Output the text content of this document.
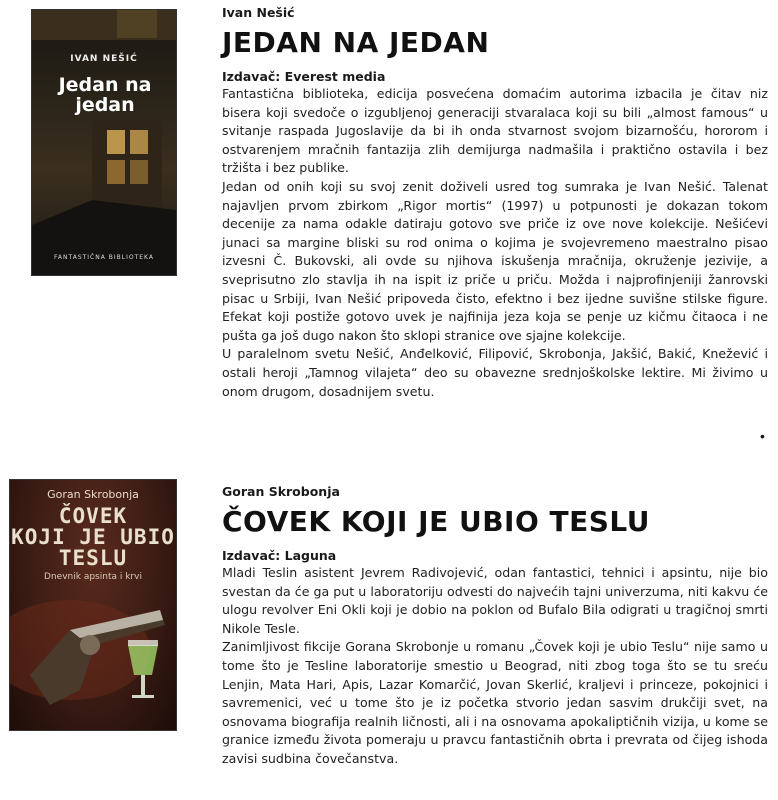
IVAN NEŠIĆ
Jedan na jedan
FANTASTIČNA BIBLIOTEKA

Ivan Nešić

JEDAN NA JEDAN

Izdavač: Everest media

Fantastična biblioteka, edicija posvećena domaćim autorima izbacila je čitav niz bisera koji svedoče o izgubljenoj generaciji stvaralaca koji su bili „almost famous“ u svitanje raspada Jugoslavije da bi ih onda stvarnost svojom bizarnošću, hororom i ostvarenjem mračnih fantazija zlih demijurga nadmašila i praktično ostavila i bez tržišta i bez publike.

Jedan od onih koji su svoj zenit doživeli usred tog sumraka je Ivan Nešić. Talenat najavljen prvom zbirkom „Rigor mortis“ (1997) u potpunosti je dokazan tokom decenije za nama odakle datiraju gotovo sve priče iz ove nove kolekcije. Nešićevi junaci sa margine bliski su rod onima o kojima je svojevremeno maestralno pisao izvesni Č. Bukovski, ali ovde su njihova iskušenja mračnija, okruženje jezivije, a sveprisutno zlo stavlja ih na ispit iz priče u priču. Možda i najprofinjeniji žanrovski pisac u Srbiji, Ivan Nešić pripoveda čisto, efektno i bez ijedne suvišne stilske figure. Efekat koji postiže gotovo uvek je najfinija jeza koja se penje uz kičmu čitaoca i ne pušta ga još dugo nakon što sklopi stranice ove sjajne kolekcije.

U paralelnom svetu Nešić, Anđelković, Filipović, Skrobonja, Jakšić, Bakić, Knežević i ostali heroji „Tamnog vilajeta“ deo su obavezne srednjoškolske lektire. Mi živimo u onom drugom, dosadnijem svetu.

•
Goran Skrobonja
ČOVEK
KOJI JE UBIO
TESLU
Dnevnik apsinta i krvi

Goran Skrobonja

ČOVEK KOJI JE UBIO TESLU

Izdavač: Laguna

Mladi Teslin asistent Jevrem Radivojević, odan fantastici, tehnici i apsintu, nije bio svestan da će ga put u laboratoriju odvesti do najvećih tajni univerzuma, niti kakvu će ulogu revolver Eni Okli koji je dobio na poklon od Bufalo Bila odigrati u tragičnoj smrti Nikole Tesle.

Zanimljivost fikcije Gorana Skrobonje u romanu „Čovek koji je ubio Teslu“ nije samo u tome što je Tesline laboratorije smestio u Beograd, niti zbog toga što se tu sreću Lenjin, Mata Hari, Apis, Lazar Komarčić, Jovan Skerlić, kraljevi i princeze, pokojnici i savremenici, već u tome što je iz početka stvorio jedan sasvim drukčiji svet, na osnovama biografija realnih ličnosti, ali i na osnovama apokaliptičnih vizija, u kome se granice između života pomeraju u pravcu fantastičnih obrta i prevrata od čijeg ishoda zavisi sudbina čovečanstva.
